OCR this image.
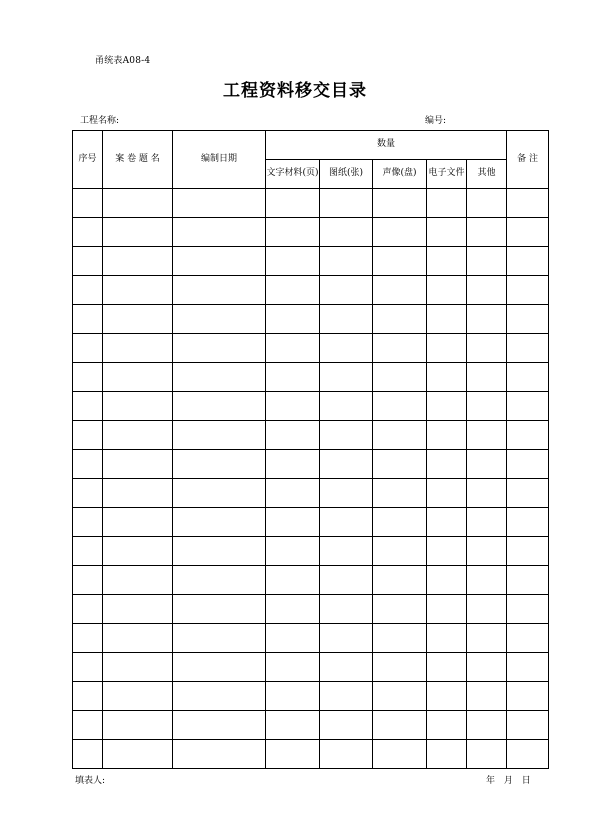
甬统表A08-4
工程资料移交目录
工程名称:	编号:
序号	案 卷 题 名	编制日期	数量					备 注
			文字材料(页)	图纸(张)	声像(盘)	电子文件	其他	

填表人:	年 月 日
